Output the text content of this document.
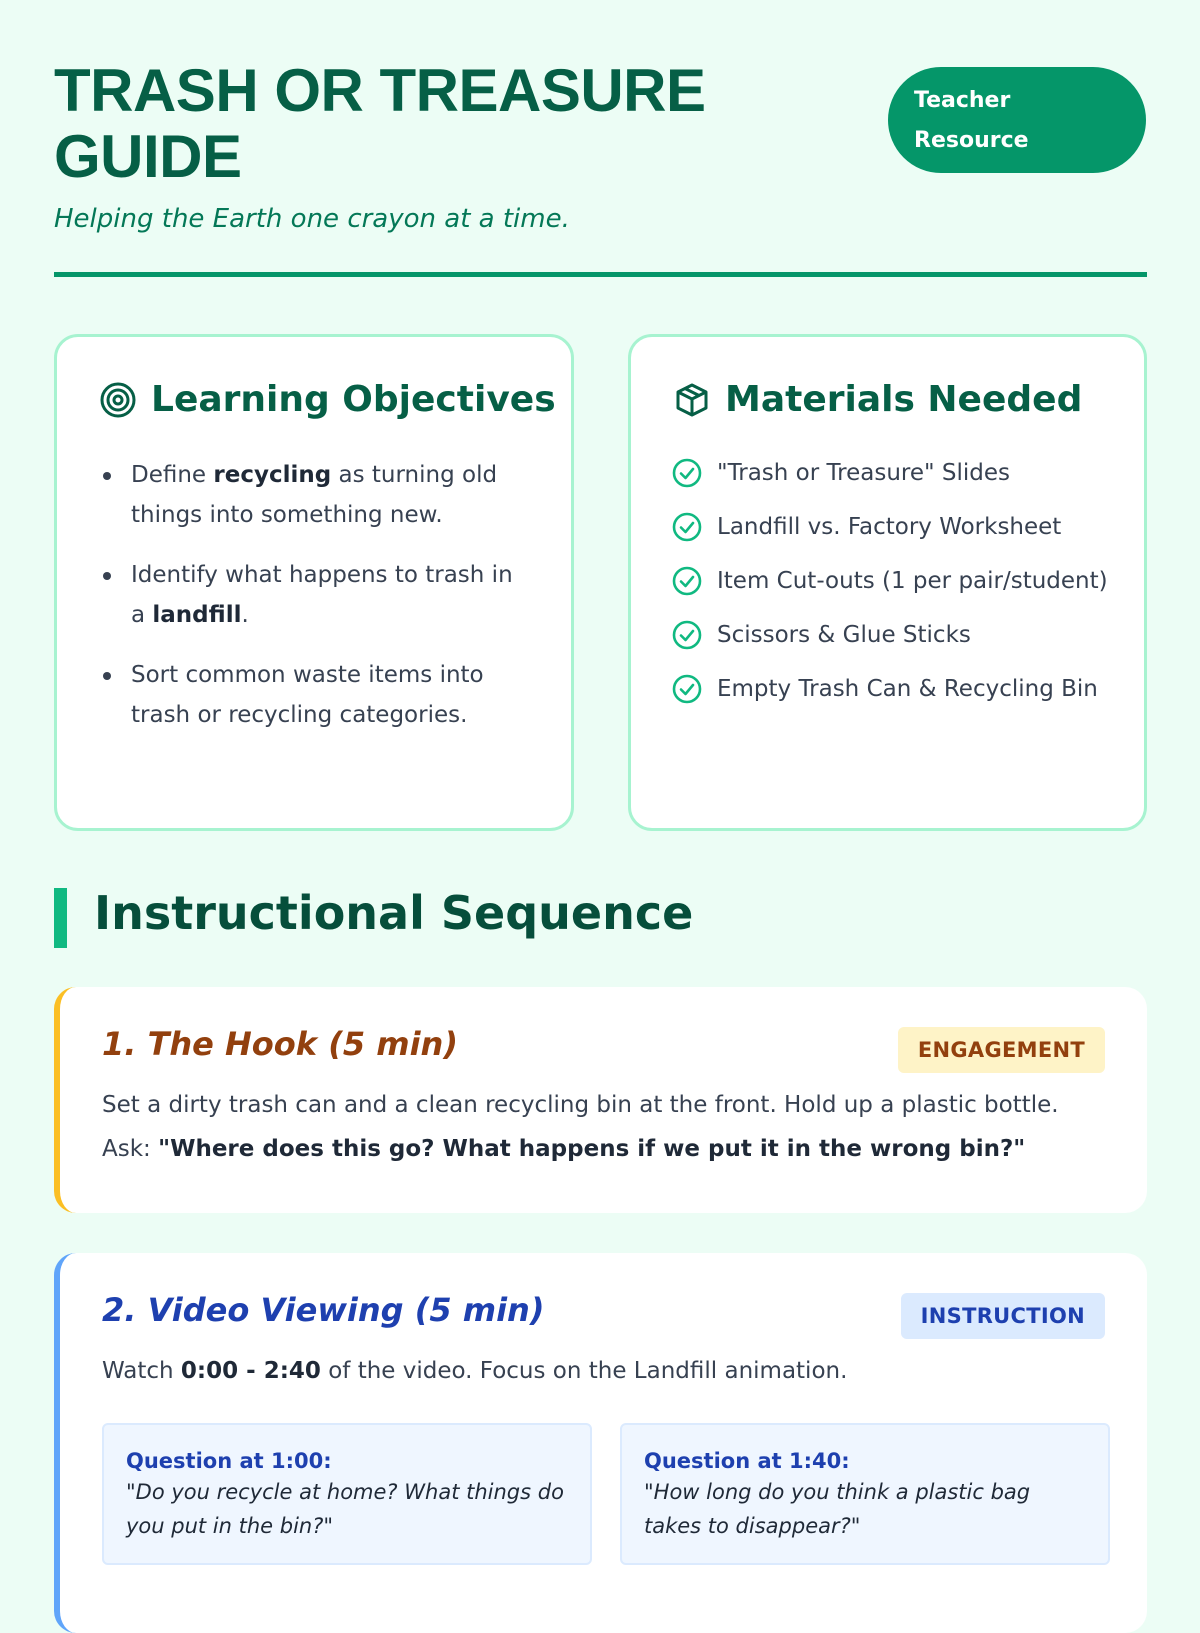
TRASH OR TREASURE GUIDE

Helping the Earth one crayon at a time.

Teacher Resource
Learning Objectives
Define recycling as turning old things into something new.
Identify what happens to trash in a landfill.
Sort common waste items into trash or recycling categories.
Materials Needed
"Trash or Treasure" Slides
Landfill vs. Factory Worksheet
Item Cut-outs (1 per pair/student)
Scissors & Glue Sticks
Empty Trash Can & Recycling Bin
Instructional Sequence
1. The Hook (5 min)	ENGAGEMENT

Set a dirty trash can and a clean recycling bin at the front. Hold up a plastic bottle. Ask: "Where does this go? What happens if we put it in the wrong bin?"

2. Video Viewing (5 min)	INSTRUCTION

Watch 0:00 - 2:40 of the video. Focus on the Landfill animation.

Question at 1:00:
"Do you recycle at home? What things do you put in the bin?"
Question at 1:40:
"How long do you think a plastic bag takes to disappear?"
